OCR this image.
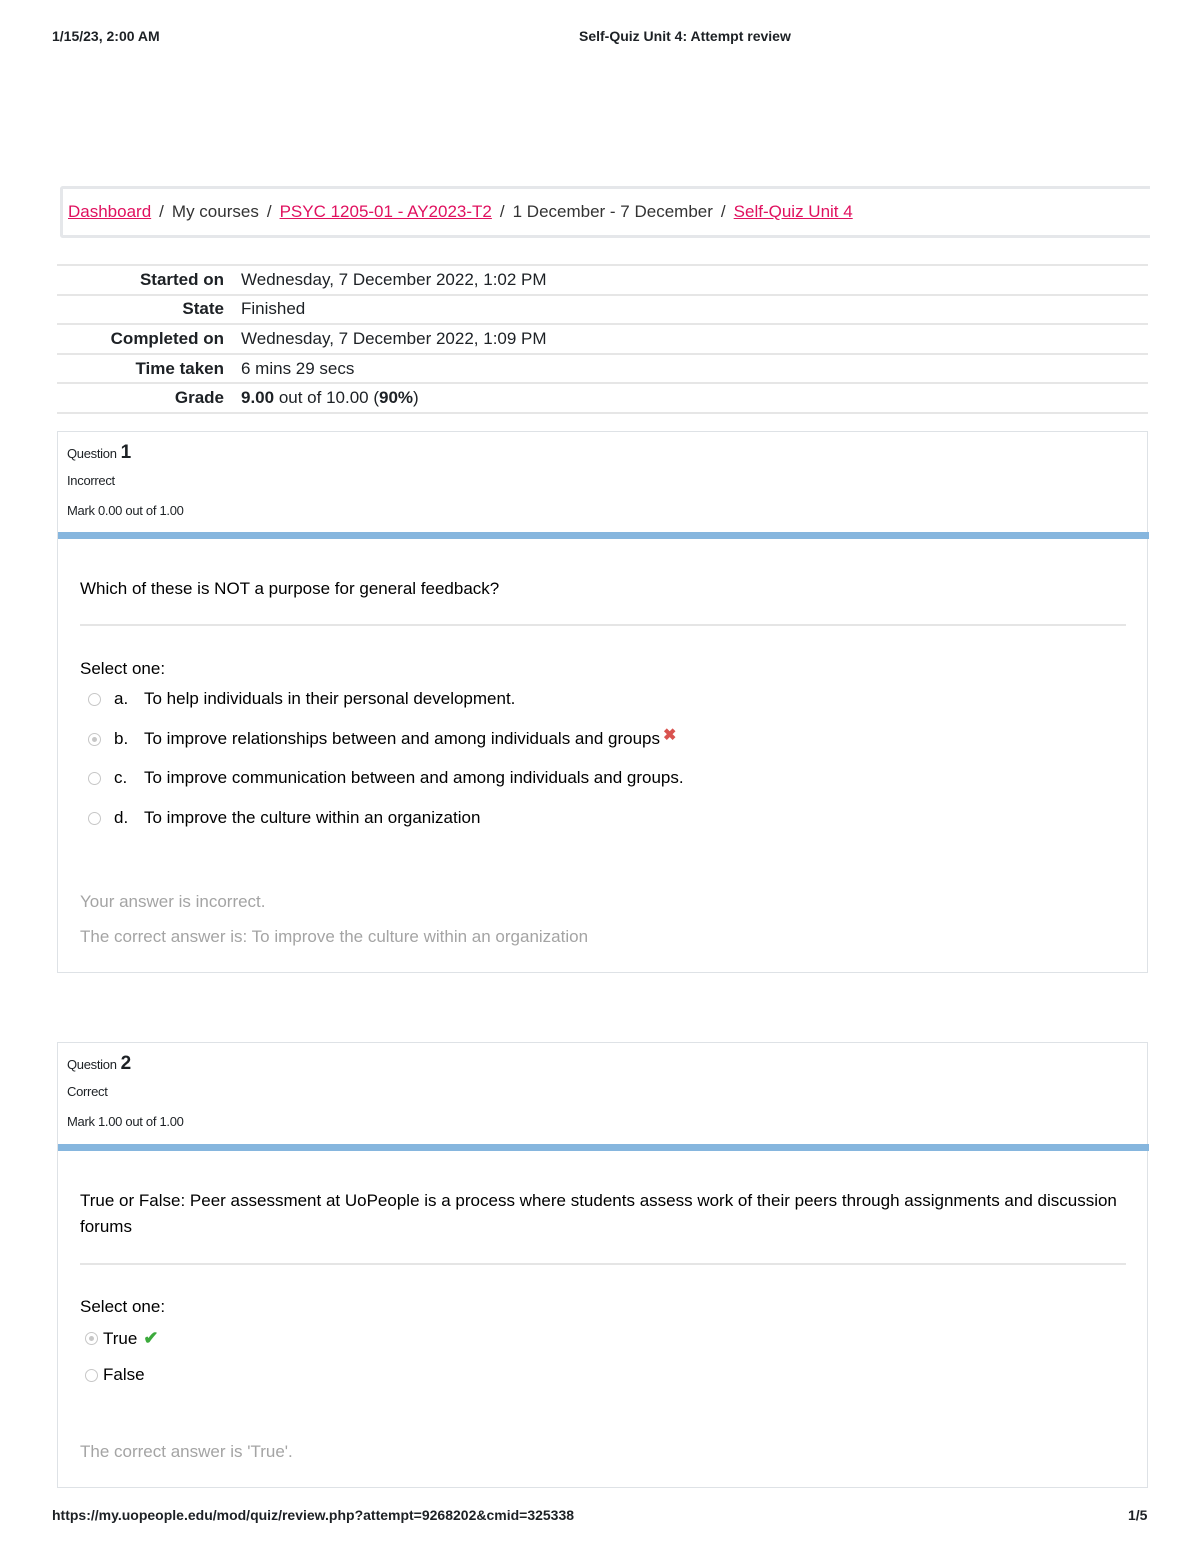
1/15/23, 2:00 AM	Self-Quiz Unit 4: Attempt review
Dashboard / My courses / PSYC 1205-01 - AY2023-T2 / 1 December - 7 December / Self-Quiz Unit 4
Started on	Wednesday, 7 December 2022, 1:02 PM
State	Finished
Completed on	Wednesday, 7 December 2022, 1:09 PM
Time taken	6 mins 29 secs
Grade	9.00 out of 10.00 (90%)
Question 1
Incorrect
Mark 0.00 out of 1.00
Which of these is NOT a purpose for general feedback?
Select one:
a. To help individuals in their personal development.
b. To improve relationships between and among individuals and groups ✖
c. To improve communication between and among individuals and groups.
d. To improve the culture within an organization
Your answer is incorrect.
The correct answer is: To improve the culture within an organization
Question 2
Correct
Mark 1.00 out of 1.00
True or False: Peer assessment at UoPeople is a process where students assess work of their peers through assignments and discussion forums
Select one:
True ✔
False
The correct answer is 'True'.
https://my.uopeople.edu/mod/quiz/review.php?attempt=9268202&cmid=325338	1/5
